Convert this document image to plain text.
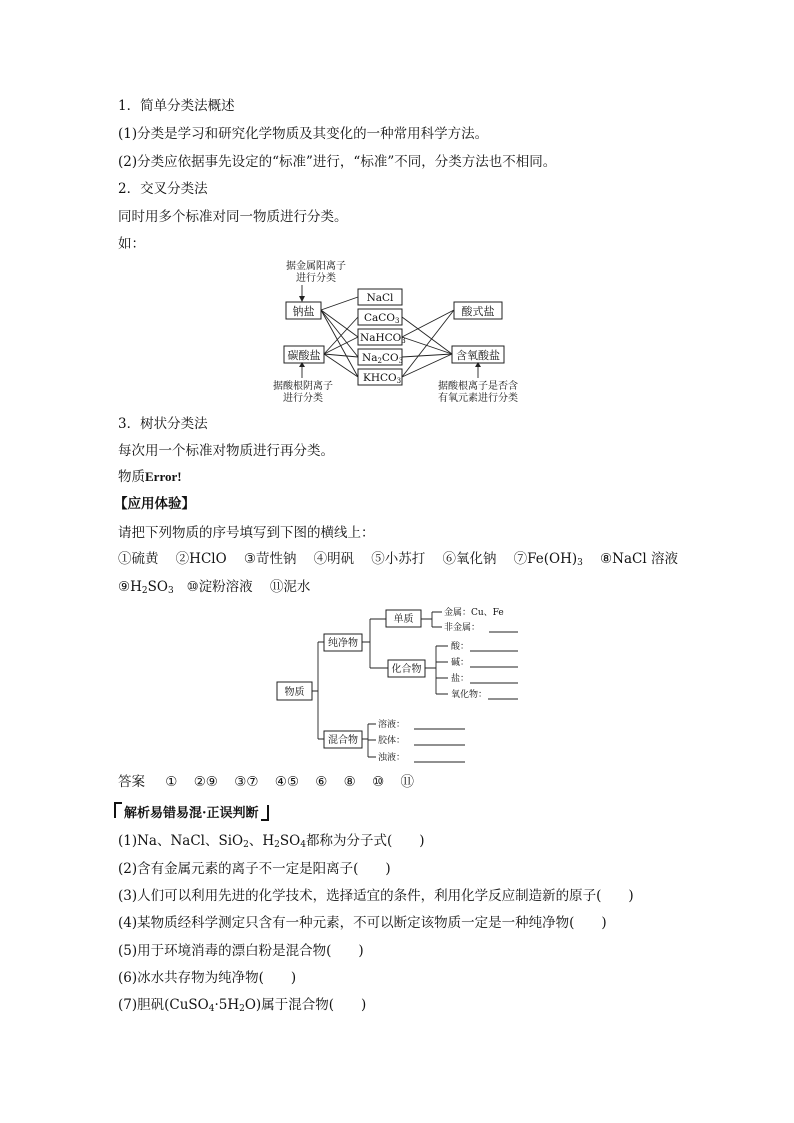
1．简单分类法概述
(1)分类是学习和研究化学物质及其变化的一种常用科学方法。
(2)分类应依据事先设定的“标准”进行，“标准”不同，分类方法也不相同。
2．交叉分类法
同时用多个标准对同一物质进行分类。
如：
据金属阳离子
进行分类
钠盐
碳酸盐
据酸根阴离子
进行分类
NaCl
CaCO3
NaHCO3
Na2CO3
KHCO3
酸式盐
含氧酸盐
据酸根离子是否含
有氧元素进行分类
3．树状分类法
每次用一个标准对物质进行再分类。
物质Error!
【应用体验】
请把下列物质的序号填写到下图的横线上：
①硫黄 ②HClO ③苛性钠 ④明矾 ⑤小苏打 ⑥氧化钠 $⑦Fe(OH)_3$ ⑧NaCl 溶液
$⑨H_2SO_3$ ⑩淀粉溶液 ⑪泥水
物质
纯净物
混合物
单质
化合物
金属：Cu、Fe
非金属：
酸：
碱：
盐：
氧化物：
溶液：
胶体：
浊液：
答案 ① ②⑨ ③⑦ ④⑤ ⑥ ⑧ ⑩ ⑪
解析易错易混·正误判断
(1)Na、NaCl、SiO$_2$、$H_2SO_4$都称为分子式(　　)
(2)含有金属元素的离子不一定是阳离子(　　)
(3)人们可以利用先进的化学技术，选择适宜的条件，利用化学反应制造新的原子(　　)
(4)某物质经科学测定只含有一种元素，不可以断定该物质一定是一种纯净物(　　)
(5)用于环境消毒的漂白粉是混合物(　　)
(6)冰水共存物为纯净物(　　)
(7)胆矾$(CuSO_4\cdot 5H_2O)$属于混合物(　　)
